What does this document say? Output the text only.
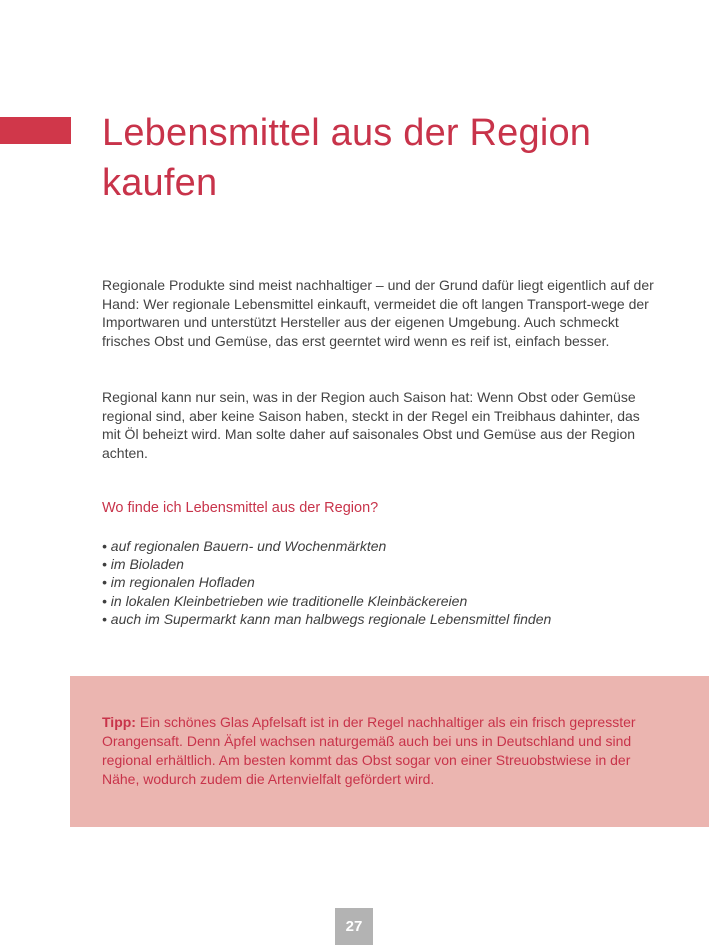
Lebensmittel aus der Region
kaufen

Regionale Produkte sind meist nachhaltiger – und der Grund dafür liegt eigentlich auf der Hand: Wer regionale Lebensmittel einkauft, vermeidet die oft langen Transport-wege der Importwaren und unterstützt Hersteller aus der eigenen Umgebung. Auch schmeckt frisches Obst und Gemüse, das erst geerntet wird wenn es reif ist, einfach besser.

Regional kann nur sein, was in der Region auch Saison hat: Wenn Obst oder Gemüse regional sind, aber keine Saison haben, steckt in der Regel ein Treibhaus dahinter, das mit Öl beheizt wird. Man solte daher auf saisonales Obst und Gemüse aus der Region achten.

Wo finde ich Lebensmittel aus der Region?

• auf regionalen Bauern- und Wochenmärkten
• im Bioladen
• im regionalen Hofladen
• in lokalen Kleinbetrieben wie traditionelle Kleinbäckereien
• auch im Supermarkt kann man halbwegs regionale Lebensmittel finden

Tipp: Ein schönes Glas Apfelsaft ist in der Regel nachhaltiger als ein frisch gepresster Orangensaft. Denn Äpfel wachsen naturgemäß auch bei uns in Deutschland und sind regional erhältlich. Am besten kommt das Obst sogar von einer Streuobstwiese in der Nähe, wodurch zudem die Artenvielfalt gefördert wird.

27
